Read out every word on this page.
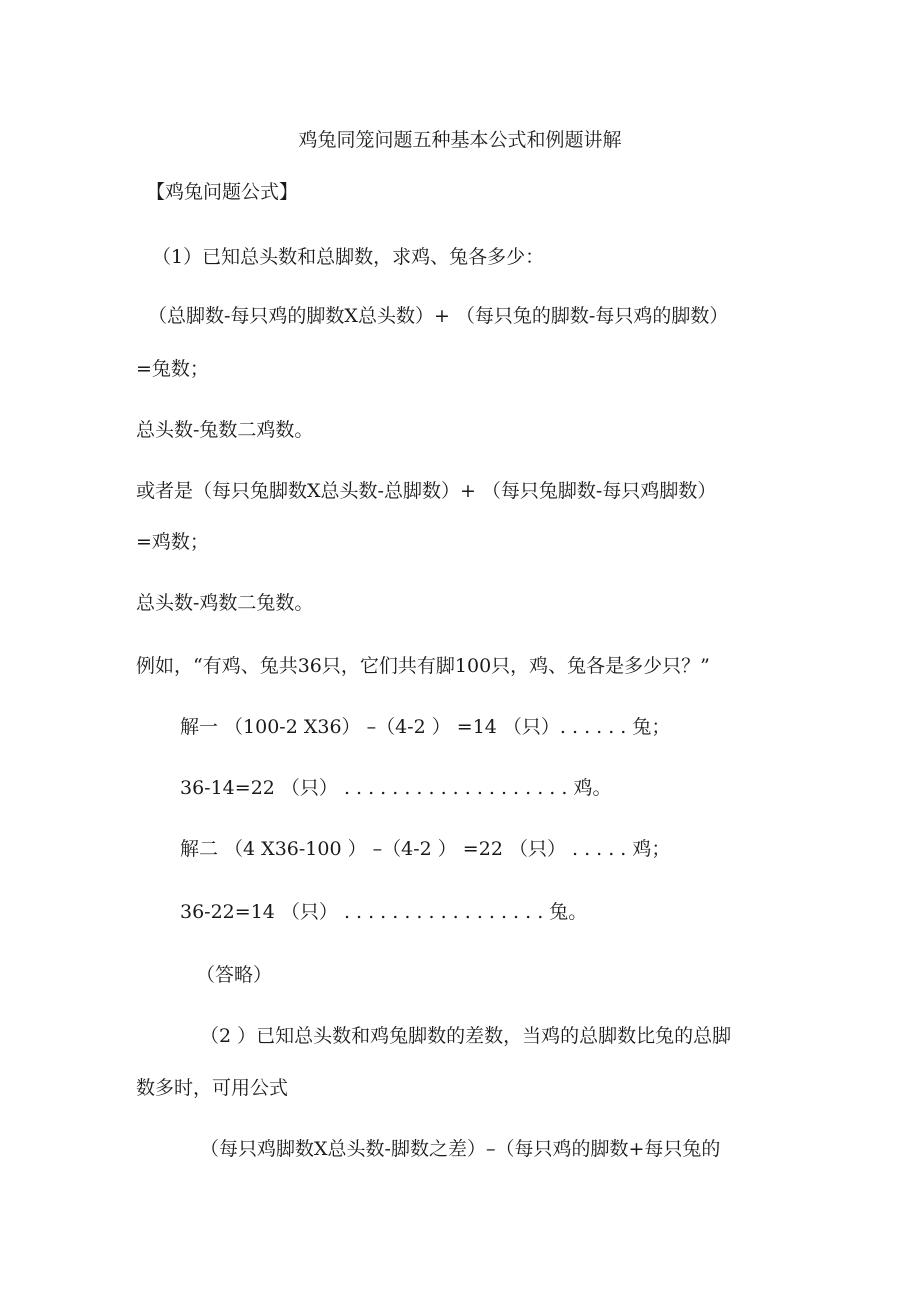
鸡兔同笼问题五种基本公式和例题讲解
【鸡兔问题公式】
（1）已知总头数和总脚数，求鸡、兔各多少：
（总脚数-每只鸡的脚数X总头数）+ （每只兔的脚数-每只鸡的脚数）
=兔数；
总头数-兔数二鸡数。
或者是（每只兔脚数X总头数-总脚数）+ （每只兔脚数-每只鸡脚数）
=鸡数；
总头数-鸡数二兔数。
例如，“有鸡、兔共36只，它们共有脚100只，鸡、兔各是多少只？”
解一 （100-2 X36） –（4-2 ） =14 （只）. . . . . . 兔；
36-14=22 （只） . . . . . . . . . . . . . . . . . . . 鸡。
解二 （4 X36-100 ） –（4-2 ） =22 （只） . . . . . 鸡；
36-22=14 （只） . . . . . . . . . . . . . . . . . 兔。
（答略）
（2 ）已知总头数和鸡兔脚数的差数，当鸡的总脚数比兔的总脚
数多时，可用公式
（每只鸡脚数X总头数-脚数之差）–（每只鸡的脚数+每只兔的
